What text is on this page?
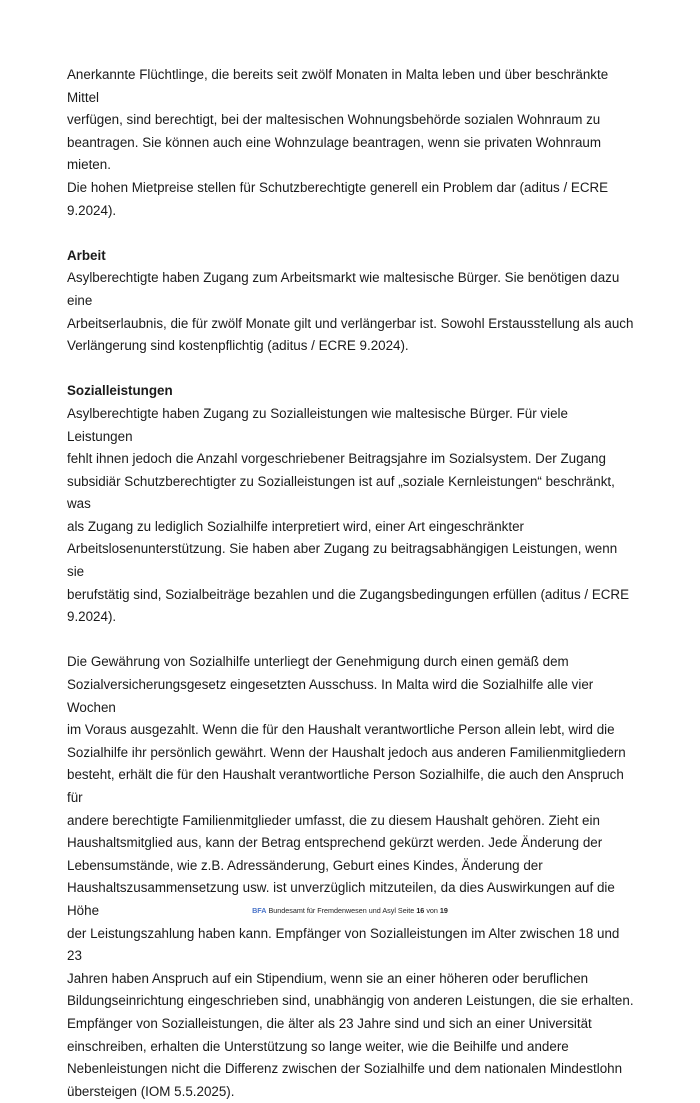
Anerkannte Flüchtlinge, die bereits seit zwölf Monaten in Malta leben und über beschränkte Mittel
verfügen, sind berechtigt, bei der maltesischen Wohnungsbehörde sozialen Wohnraum zu
beantragen. Sie können auch eine Wohnzulage beantragen, wenn sie privaten Wohnraum mieten.
Die hohen Mietpreise stellen für Schutzberechtigte generell ein Problem dar (aditus / ECRE
9.2024).

Arbeit

Asylberechtigte haben Zugang zum Arbeitsmarkt wie maltesische Bürger. Sie benötigen dazu eine
Arbeitserlaubnis, die für zwölf Monate gilt und verlängerbar ist. Sowohl Erstausstellung als auch
Verlängerung sind kostenpflichtig (aditus / ECRE 9.2024).

Sozialleistungen

Asylberechtigte haben Zugang zu Sozialleistungen wie maltesische Bürger. Für viele Leistungen
fehlt ihnen jedoch die Anzahl vorgeschriebener Beitragsjahre im Sozialsystem. Der Zugang
subsidiär Schutzberechtigter zu Sozialleistungen ist auf „soziale Kernleistungen“ beschränkt, was
als Zugang zu lediglich Sozialhilfe interpretiert wird, einer Art eingeschränkter
Arbeitslosenunterstützung. Sie haben aber Zugang zu beitragsabhängigen Leistungen, wenn sie
berufstätig sind, Sozialbeiträge bezahlen und die Zugangsbedingungen erfüllen (aditus / ECRE
9.2024).

Die Gewährung von Sozialhilfe unterliegt der Genehmigung durch einen gemäß dem
Sozialversicherungsgesetz eingesetzten Ausschuss. In Malta wird die Sozialhilfe alle vier Wochen
im Voraus ausgezahlt. Wenn die für den Haushalt verantwortliche Person allein lebt, wird die
Sozialhilfe ihr persönlich gewährt. Wenn der Haushalt jedoch aus anderen Familienmitgliedern
besteht, erhält die für den Haushalt verantwortliche Person Sozialhilfe, die auch den Anspruch für
andere berechtigte Familienmitglieder umfasst, die zu diesem Haushalt gehören. Zieht ein
Haushaltsmitglied aus, kann der Betrag entsprechend gekürzt werden. Jede Änderung der
Lebensumstände, wie z.B. Adressänderung, Geburt eines Kindes, Änderung der
Haushaltszusammensetzung usw. ist unverzüglich mitzuteilen, da dies Auswirkungen auf die Höhe
der Leistungszahlung haben kann. Empfänger von Sozialleistungen im Alter zwischen 18 und 23
Jahren haben Anspruch auf ein Stipendium, wenn sie an einer höheren oder beruflichen
Bildungseinrichtung eingeschrieben sind, unabhängig von anderen Leistungen, die sie erhalten.
Empfänger von Sozialleistungen, die älter als 23 Jahre sind und sich an einer Universität
einschreiben, erhalten die Unterstützung so lange weiter, wie die Beihilfe und andere
Nebenleistungen nicht die Differenz zwischen der Sozialhilfe und dem nationalen Mindestlohn
übersteigen (IOM 5.5.2025).

BFA Bundesamt für Fremdenwesen und Asyl Seite 16 von 19
